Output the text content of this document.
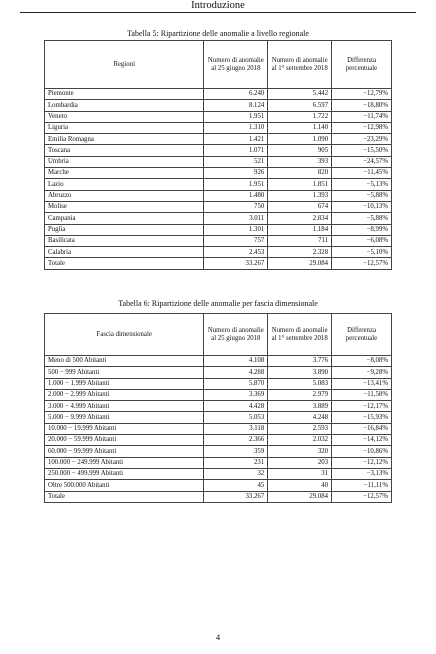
Introduzione
Tabella 5: Ripartizione delle anomalie a livello regionale
Regioni	Numero di anomalie al 25 giugno 2018	Numero di anomalie al 1° settembre 2018	Differenza percentuale
Piemonte	6.240	5.442	−12,79%
Lombardia	8.124	6.597	−18,80%
Veneto	1.951	1.722	−11,74%
Liguria	1.310	1.140	−12,98%
Emilia Romagna	1.421	1.090	−23,29%
Toscana	1.071	905	−15,50%
Umbria	521	393	−24,57%
Marche	926	820	−11,45%
Lazio	1.951	1.851	−5,13%
Abruzzo	1.480	1.393	−5,88%
Molise	750	674	−10,13%
Campania	3.011	2.834	−5,88%
Puglia	1.301	1.184	−8,99%
Basilicata	757	711	−6,08%
Calabria	2.453	2.328	−5,10%
Totale	33.267	29.084	−12,57%
Tabella 6: Ripartizione delle anomalie per fascia dimensionale
Fascia dimensionale	Numero di anomalie al 25 giugno 2018	Numero di anomalie al 1° settembre 2018	Differenza percentuale
Meno di 500 Abitanti	4.108	3.776	−8,08%
500 − 999 Abitanti	4.288	3.890	−9,28%
1.000 − 1.999 Abitanti	5.870	5.083	−13,41%
2.000 − 2.999 Abitanti	3.369	2.979	−11,58%
3.000 − 4.999 Abitanti	4.428	3.889	−12,17%
5.000 − 9.999 Abitanti	5.053	4.248	−15,93%
10.000 − 19.999 Abitanti	3.118	2.593	−16,84%
20.000 − 59.999 Abitanti	2.366	2.032	−14,12%
60.000 − 99.999 Abitanti	359	320	−10,86%
100.000 − 249.999 Abitanti	231	203	−12,12%
250.000 − 499.999 Abitanti	32	31	−3,13%
Oltre 500.000 Abitanti	45	40	−11,11%
Totale	33.267	29.084	−12,57%
4
